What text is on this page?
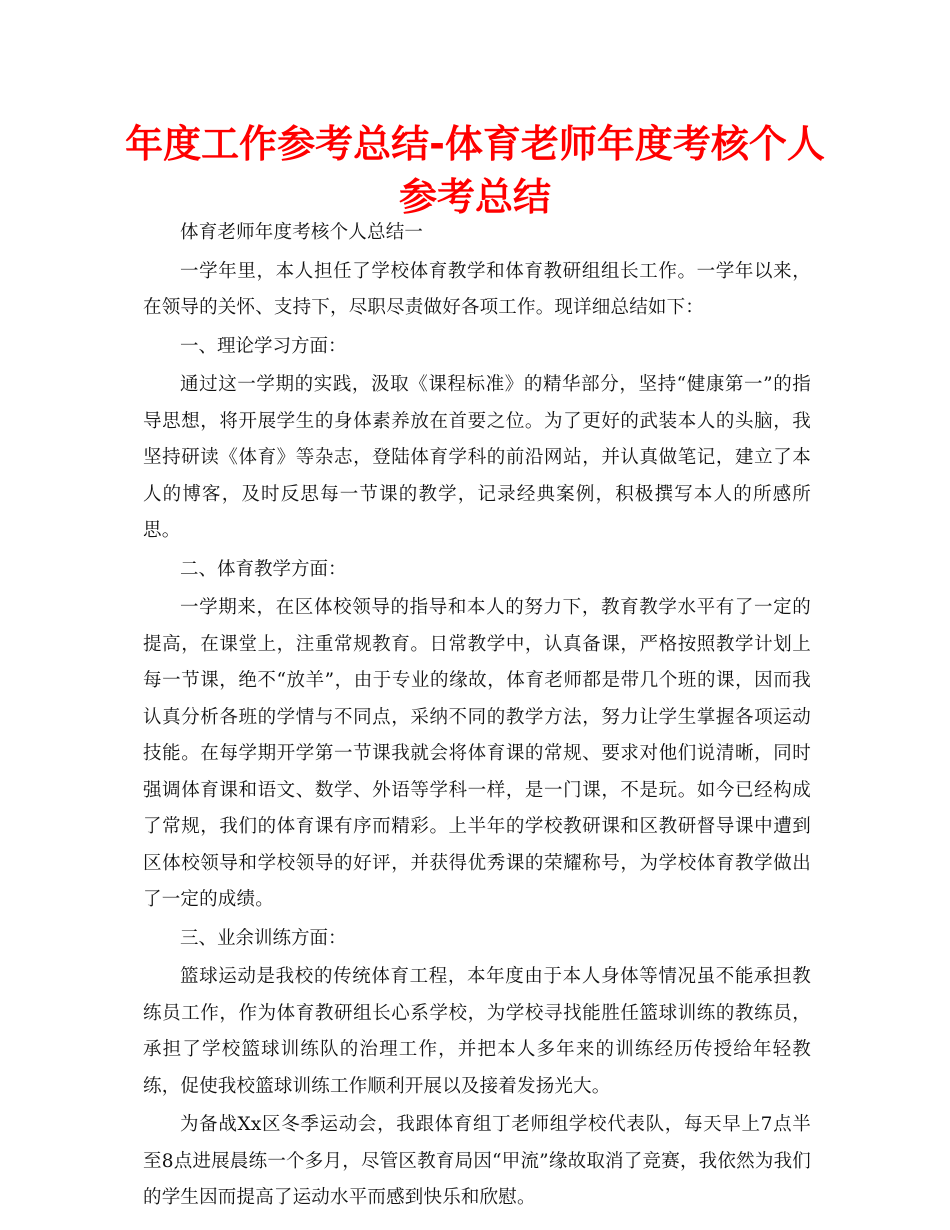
年度工作参考总结-体育老师年度考核个人参考总结

体育老师年度考核个人总结一

一学年里，本人担任了学校体育教学和体育教研组组长工作。一学年以来，在领导的关怀、支持下，尽职尽责做好各项工作。现详细总结如下：

一、理论学习方面：

通过这一学期的实践，汲取《课程标准》的精华部分，坚持“健康第一”的指导思想，将开展学生的身体素养放在首要之位。为了更好的武装本人的头脑，我坚持研读《体育》等杂志，登陆体育学科的前沿网站，并认真做笔记，建立了本人的博客，及时反思每一节课的教学，记录经典案例，积极撰写本人的所感所思。

二、体育教学方面：

一学期来，在区体校领导的指导和本人的努力下，教育教学水平有了一定的提高，在课堂上，注重常规教育。日常教学中，认真备课，严格按照教学计划上每一节课，绝不“放羊”，由于专业的缘故，体育老师都是带几个班的课，因而我认真分析各班的学情与不同点，采纳不同的教学方法，努力让学生掌握各项运动技能。在每学期开学第一节课我就会将体育课的常规、要求对他们说清晰，同时强调体育课和语文、数学、外语等学科一样，是一门课，不是玩。如今已经构成了常规，我们的体育课有序而精彩。上半年的学校教研课和区教研督导课中遭到区体校领导和学校领导的好评，并获得优秀课的荣耀称号，为学校体育教学做出了一定的成绩。

三、业余训练方面：

篮球运动是我校的传统体育工程，本年度由于本人身体等情况虽不能承担教练员工作，作为体育教研组长心系学校，为学校寻找能胜任篮球训练的教练员，承担了学校篮球训练队的治理工作，并把本人多年来的训练经历传授给年轻教练，促使我校篮球训练工作顺利开展以及接着发扬光大。

为备战Xx区冬季运动会，我跟体育组丁老师组学校代表队，每天早上7点半至8点进展晨练一个多月，尽管区教育局因“甲流”缘故取消了竞赛，我依然为我们的学生因而提高了运动水平而感到快乐和欣慰。
